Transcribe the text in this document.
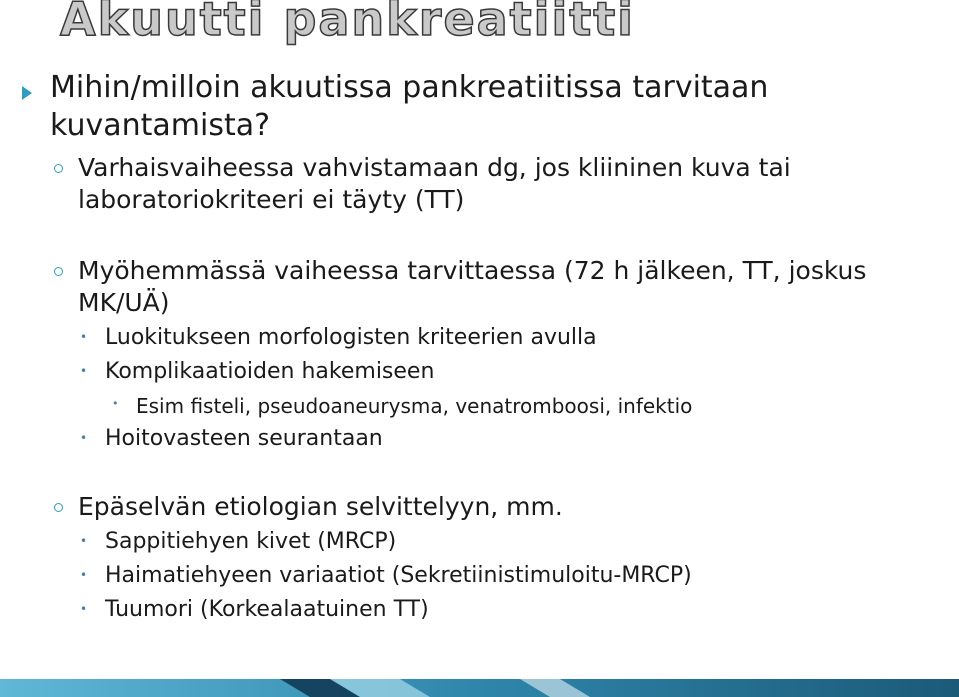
Akuutti pankreatiitti
Mihin/milloin akuutissa pankreatiitissa tarvitaan
kuvantamista?
Varhaisvaiheessa vahvistamaan dg, jos kliininen kuva tai
laboratoriokriteeri ei täyty (TT)
Myöhemmässä vaiheessa tarvittaessa (72 h jälkeen, TT, joskus
MK/UÄ)
• Luokitukseen morfologisten kriteerien avulla
• Komplikaatioiden hakemiseen
• Esim fisteli, pseudoaneurysma, venatromboosi, infektio
• Hoitovasteen seurantaan
Epäselvän etiologian selvittelyyn, mm.
• Sappitiehyen kivet (MRCP)
• Haimatiehyeen variaatiot (Sekretiinistimuloitu-MRCP)
• Tuumori (Korkealaatuinen TT)
